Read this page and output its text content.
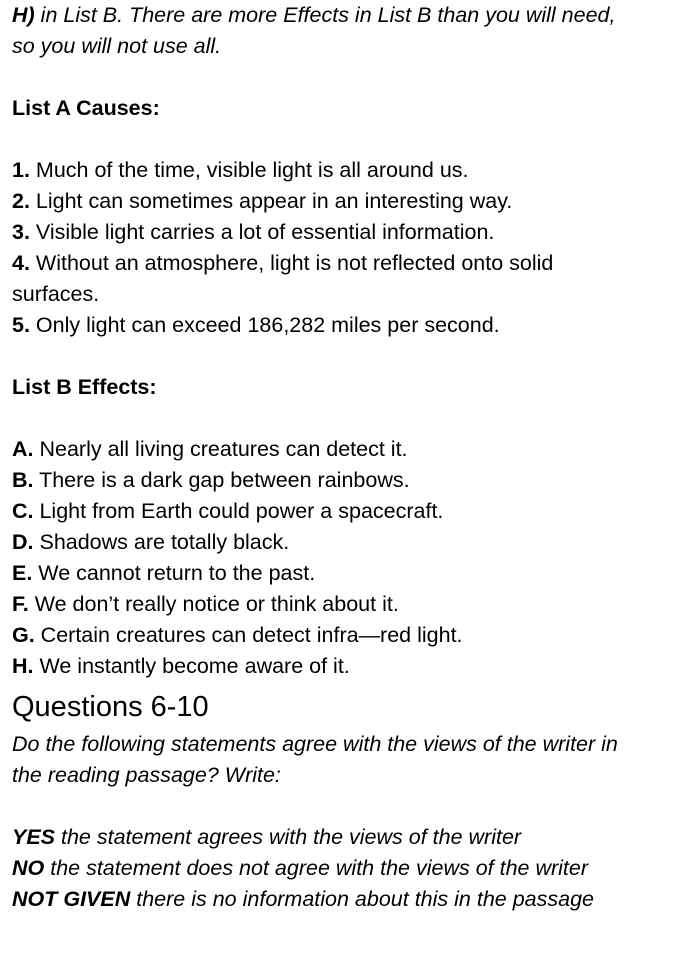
H) in List B. There are more Effects in List B than you will need,

so you will not use all.

List A Causes:

1. Much of the time, visible light is all around us.

2. Light can sometimes appear in an interesting way.

3. Visible light carries a lot of essential information.

4. Without an atmosphere, light is not reflected onto solid

surfaces.

5. Only light can exceed 186,282 miles per second.

List B Effects:

A. Nearly all living creatures can detect it.

B. There is a dark gap between rainbows.

C. Light from Earth could power a spacecraft.

D. Shadows are totally black.

E. We cannot return to the past.

F. We don’t really notice or think about it.

G. Certain creatures can detect infra—red light.

H. We instantly become aware of it.

Questions 6-10

Do the following statements agree with the views of the writer in

the reading passage? Write:

YES the statement agrees with the views of the writer

NO the statement does not agree with the views of the writer

NOT GIVEN there is no information about this in the passage
